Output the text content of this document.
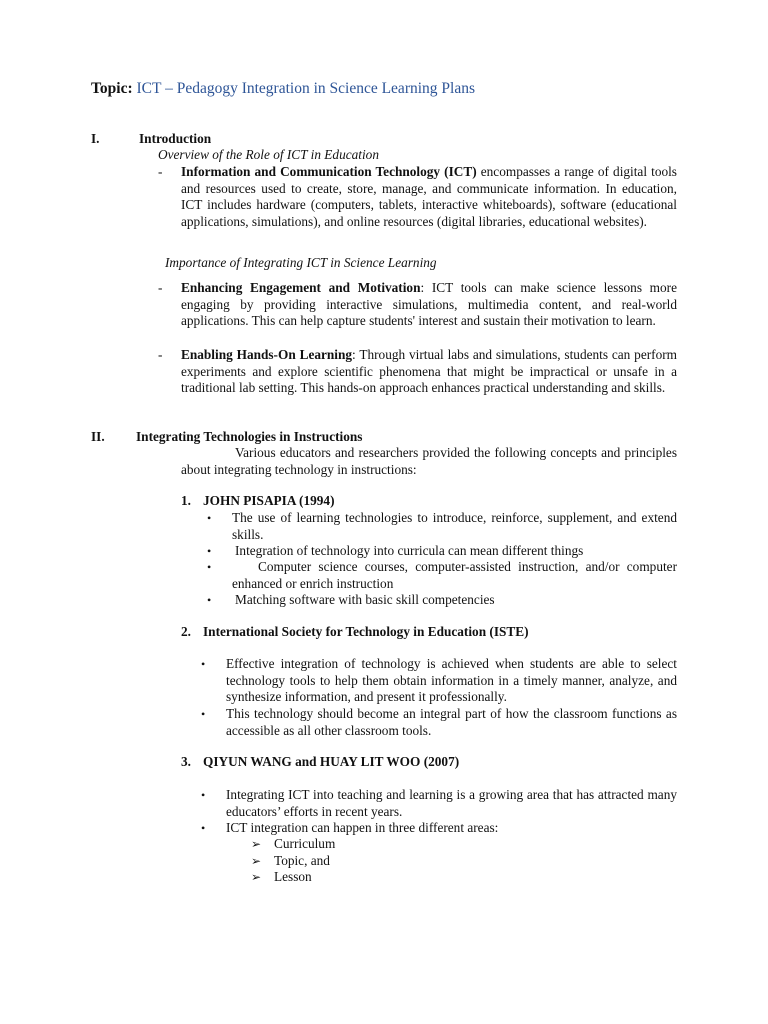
Topic: ICT – Pedagogy Integration in Science Learning Plans
I.	Introduction
Overview of the Role of ICT in Education
- Information and Communication Technology (ICT) encompasses a range of digital tools and resources used to create, store, manage, and communicate information. In education, ICT includes hardware (computers, tablets, interactive whiteboards), software (educational applications, simulations), and online resources (digital libraries, educational websites).
Importance of Integrating ICT in Science Learning
- Enhancing Engagement and Motivation: ICT tools can make science lessons more engaging by providing interactive simulations, multimedia content, and real-world applications. This can help capture students' interest and sustain their motivation to learn.
- Enabling Hands-On Learning: Through virtual labs and simulations, students can perform experiments and explore scientific phenomena that might be impractical or unsafe in a traditional lab setting. This hands-on approach enhances practical understanding and skills.
II. Integrating Technologies in Instructions
Various educators and researchers provided the following concepts and principles about integrating technology in instructions:
1. JOHN PISAPIA (1994)
• The use of learning technologies to introduce, reinforce, supplement, and extend skills.
• Integration of technology into curricula can mean different things
•	Computer science courses, computer-assisted instruction, and/or computer enhanced or enrich instruction
• Matching software with basic skill competencies
2. International Society for Technology in Education (ISTE)
• Effective integration of technology is achieved when students are able to select technology tools to help them obtain information in a timely manner, analyze, and synthesize information, and present it professionally.
• This technology should become an integral part of how the classroom functions as accessible as all other classroom tools.
3. QIYUN WANG and HUAY LIT WOO (2007)
• Integrating ICT into teaching and learning is a growing area that has attracted many educators’ efforts in recent years.
• ICT integration can happen in three different areas:
➢ Curriculum
➢ Topic, and
➢ Lesson
